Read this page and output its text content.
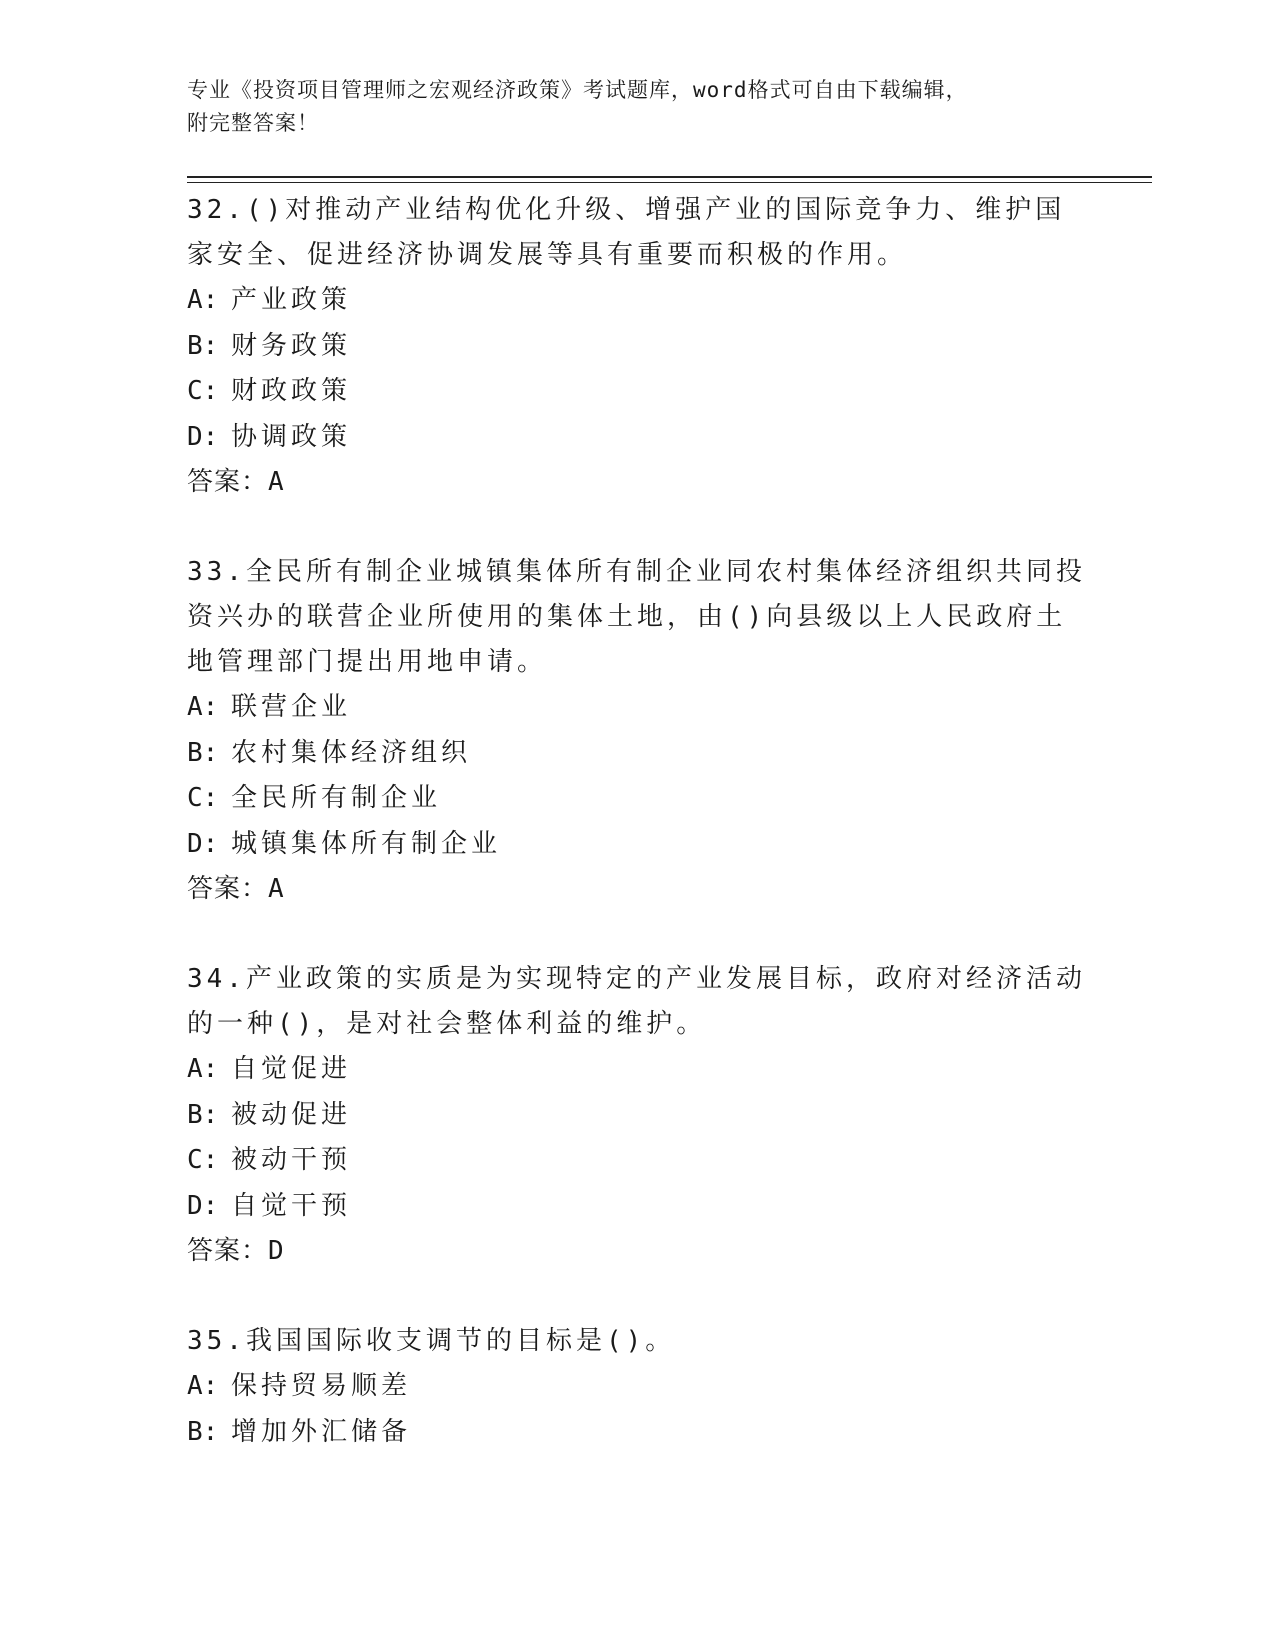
专业《投资项目管理师之宏观经济政策》考试题库，word格式可自由下载编辑，
附完整答案！
32.()对推动产业结构优化升级、增强产业的国际竞争力、维护国家安全、促进经济协调发展等具有重要而积极的作用。
A: 产业政策
B: 财务政策
C: 财政政策
D: 协调政策
答案：A
33.全民所有制企业城镇集体所有制企业同农村集体经济组织共同投资兴办的联营企业所使用的集体土地，由()向县级以上人民政府土地管理部门提出用地申请。
A: 联营企业
B: 农村集体经济组织
C: 全民所有制企业
D: 城镇集体所有制企业
答案：A
34.产业政策的实质是为实现特定的产业发展目标，政府对经济活动的一种()，是对社会整体利益的维护。
A: 自觉促进
B: 被动促进
C: 被动干预
D: 自觉干预
答案：D
35.我国国际收支调节的目标是()。
A: 保持贸易顺差
B: 增加外汇储备
